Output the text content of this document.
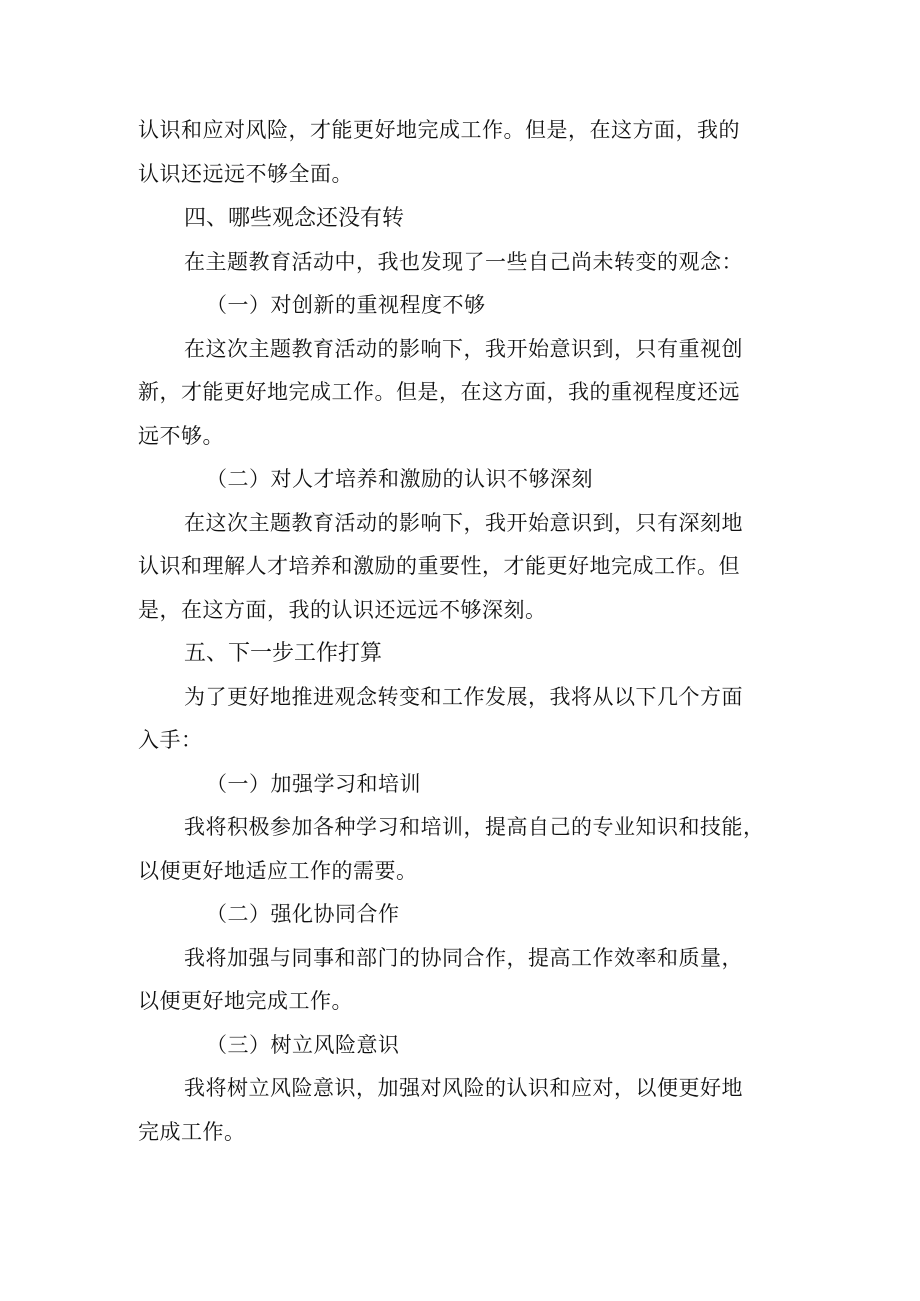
认识和应对风险，才能更好地完成工作。但是，在这方面，我的
认识还远远不够全面。
四、哪些观念还没有转
在主题教育活动中，我也发现了一些自己尚未转变的观念：
（一）对创新的重视程度不够
在这次主题教育活动的影响下，我开始意识到，只有重视创
新，才能更好地完成工作。但是，在这方面，我的重视程度还远
远不够。
（二）对人才培养和激励的认识不够深刻
在这次主题教育活动的影响下，我开始意识到，只有深刻地
认识和理解人才培养和激励的重要性，才能更好地完成工作。但
是，在这方面，我的认识还远远不够深刻。
五、下一步工作打算
为了更好地推进观念转变和工作发展，我将从以下几个方面
入手：
（一）加强学习和培训
我将积极参加各种学习和培训，提高自己的专业知识和技能，
以便更好地适应工作的需要。
（二）强化协同合作
我将加强与同事和部门的协同合作，提高工作效率和质量，
以便更好地完成工作。
（三）树立风险意识
我将树立风险意识，加强对风险的认识和应对，以便更好地
完成工作。
